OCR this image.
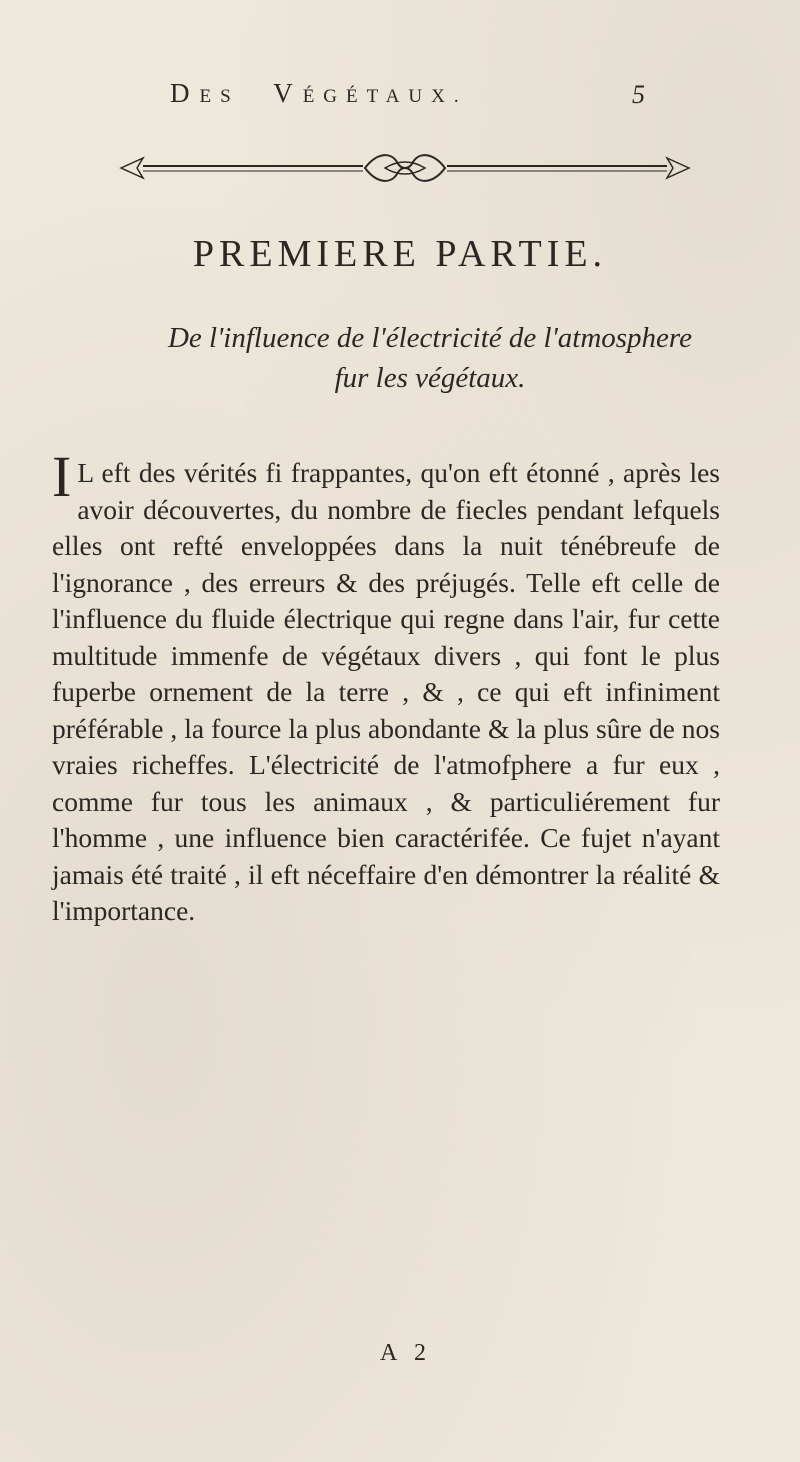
DES VÉGÉTAUX.	5
PREMIERE PARTIE.
De l'influence de l'électricité de l'atmosphere fur les végétaux.
I L eft des vérités fi frappantes, qu'on eft étonné , après les avoir découvertes, du nombre de fiecles pendant lefquels elles ont refté enveloppées dans la nuit ténébreufe de l'ignorance , des erreurs & des préjugés. Telle eft celle de l'influence du fluide électrique qui regne dans l'air, fur cette multitude immenfe de végétaux divers , qui font le plus fuperbe ornement de la terre , & , ce qui eft infiniment préférable , la fource la plus abondante & la plus sûre de nos vraies richeffes. L'électricité de l'atmofphere a fur eux , comme fur tous les animaux , & particuliérement fur l'homme , une influence bien caractérifée. Ce fujet n'ayant jamais été traité , il eft néceffaire d'en démontrer la réalité & l'importance.
A 2
